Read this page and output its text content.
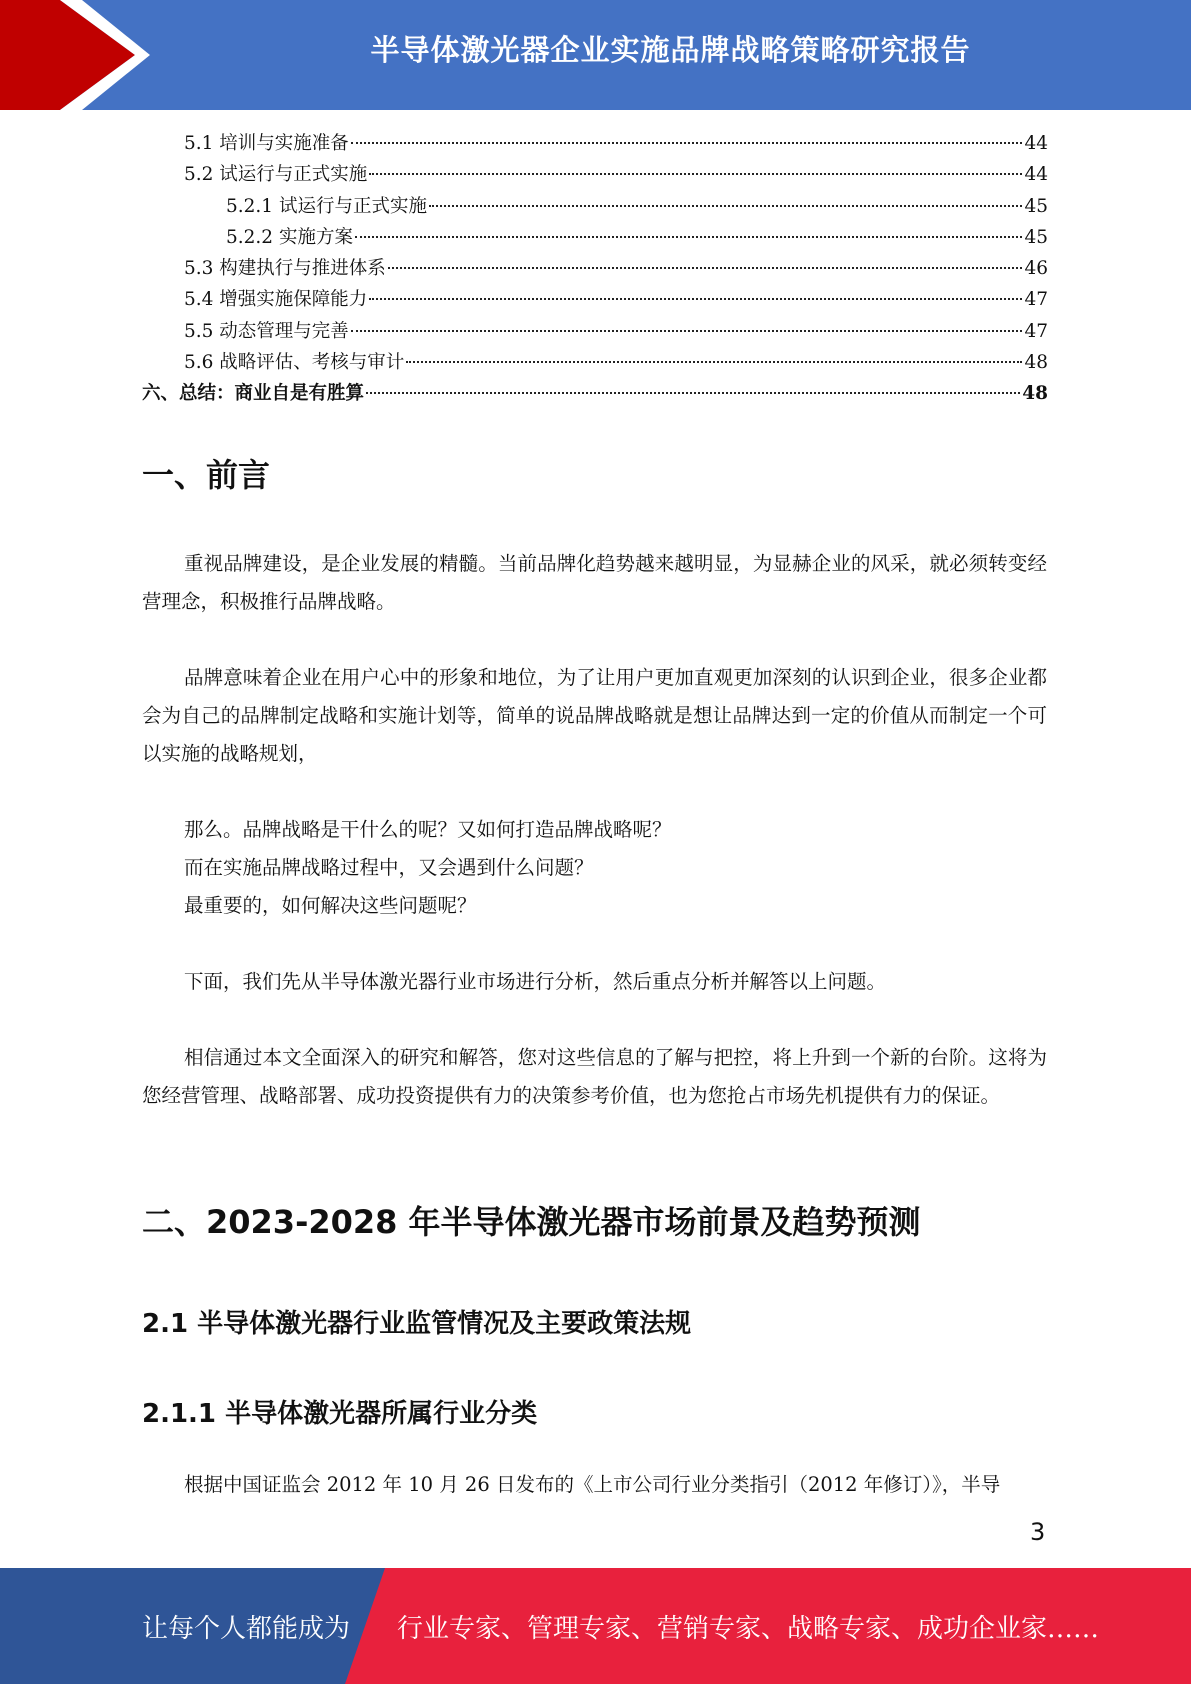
半导体激光器企业实施品牌战略策略研究报告
5.1 培训与实施准备	44
5.2 试运行与正式实施	44
5.2.1 试运行与正式实施	45
5.2.2 实施方案	45
5.3 构建执行与推进体系	46
5.4 增强实施保障能力	47
5.5 动态管理与完善	47
5.6 战略评估、考核与审计	48
六、总结：商业自是有胜算	48
一、前言

重视品牌建设，是企业发展的精髓。当前品牌化趋势越来越明显，为显赫企业的风采，就必须转变经营理念，积极推行品牌战略。

品牌意味着企业在用户心中的形象和地位，为了让用户更加直观更加深刻的认识到企业，很多企业都会为自己的品牌制定战略和实施计划等，简单的说品牌战略就是想让品牌达到一定的价值从而制定一个可以实施的战略规划，

那么。品牌战略是干什么的呢？又如何打造品牌战略呢？
而在实施品牌战略过程中，又会遇到什么问题？
最重要的，如何解决这些问题呢？

下面，我们先从半导体激光器行业市场进行分析，然后重点分析并解答以上问题。

相信通过本文全面深入的研究和解答，您对这些信息的了解与把控，将上升到一个新的台阶。这将为您经营管理、战略部署、成功投资提供有力的决策参考价值，也为您抢占市场先机提供有力的保证。

二、2023-2028 年半导体激光器市场前景及趋势预测
2.1 半导体激光器行业监管情况及主要政策法规
2.1.1 半导体激光器所属行业分类

根据中国证监会 2012 年 10 月 26 日发布的《上市公司行业分类指引（2012 年修订）》，半导

3
让每个人都能成为 行业专家、管理专家、营销专家、战略专家、成功企业家……
